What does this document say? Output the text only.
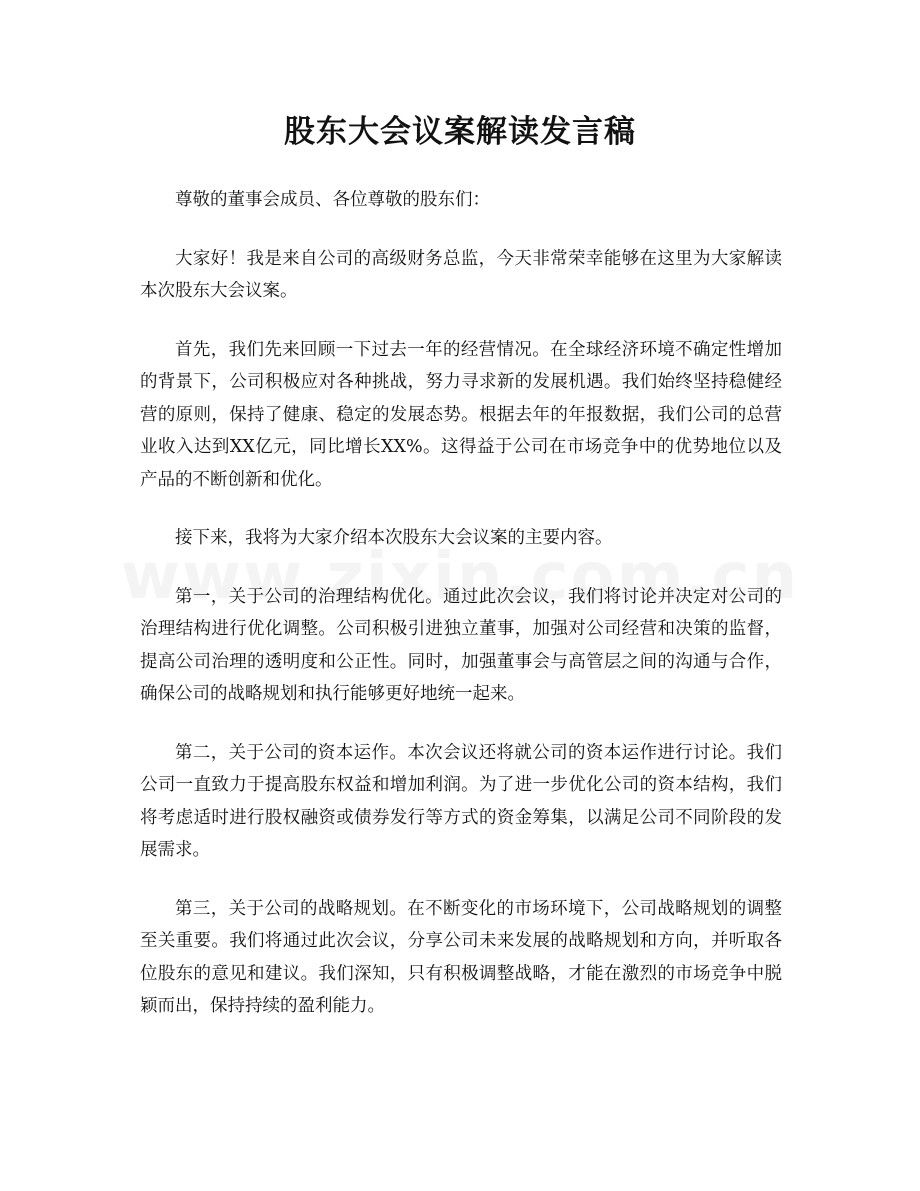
股东大会议案解读发言稿

尊敬的董事会成员、各位尊敬的股东们：

大家好！我是来自公司的高级财务总监，今天非常荣幸能够在这里为大家解读本次股东大会议案。

首先，我们先来回顾一下过去一年的经营情况。在全球经济环境不确定性增加的背景下，公司积极应对各种挑战，努力寻求新的发展机遇。我们始终坚持稳健经营的原则，保持了健康、稳定的发展态势。根据去年的年报数据，我们公司的总营业收入达到XX亿元，同比增长XX%。这得益于公司在市场竞争中的优势地位以及产品的不断创新和优化。

接下来，我将为大家介绍本次股东大会议案的主要内容。

第一，关于公司的治理结构优化。通过此次会议，我们将讨论并决定对公司的治理结构进行优化调整。公司积极引进独立董事，加强对公司经营和决策的监督，提高公司治理的透明度和公正性。同时，加强董事会与高管层之间的沟通与合作，确保公司的战略规划和执行能够更好地统一起来。

第二，关于公司的资本运作。本次会议还将就公司的资本运作进行讨论。我们公司一直致力于提高股东权益和增加利润。为了进一步优化公司的资本结构，我们将考虑适时进行股权融资或债券发行等方式的资金筹集，以满足公司不同阶段的发展需求。

第三，关于公司的战略规划。在不断变化的市场环境下，公司战略规划的调整至关重要。我们将通过此次会议，分享公司未来发展的战略规划和方向，并听取各位股东的意见和建议。我们深知，只有积极调整战略，才能在激烈的市场竞争中脱颖而出，保持持续的盈利能力。
